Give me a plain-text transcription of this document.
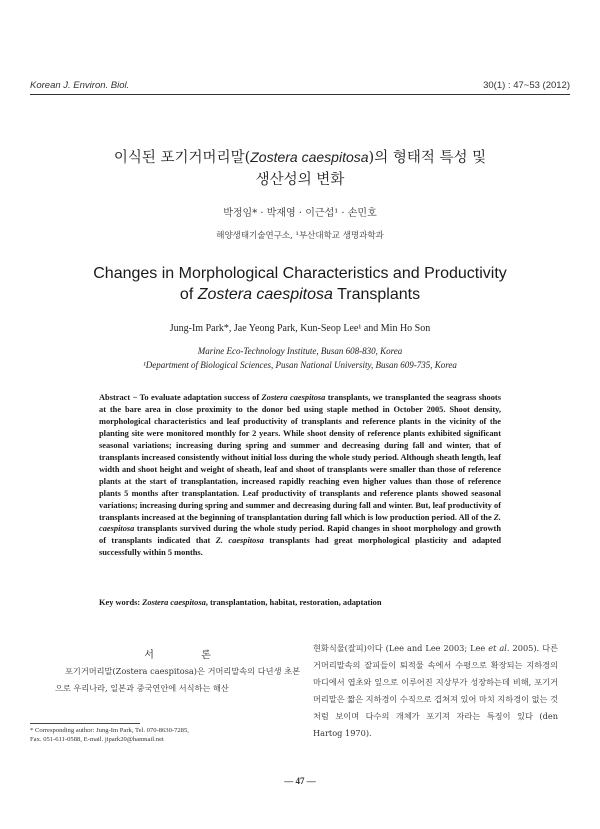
Korean J. Environ. Biol.	30(1) : 47~53 (2012)
이식된 포기거머리말(Zostera caespitosa)의 형태적 특성 및
생산성의 변화
박정임* · 박재영 · 이근섭¹ · 손민호
해양생태기술연구소, ¹부산대학교 생명과학과
Changes in Morphological Characteristics and Productivity
of Zostera caespitosa Transplants
Jung-Im Park*, Jae Yeong Park, Kun-Seop Lee¹ and Min Ho Son
Marine Eco-Technology Institute, Busan 608-830, Korea
¹Department of Biological Sciences, Pusan National University, Busan 609-735, Korea
Abstract − To evaluate adaptation success of Zostera caespitosa transplants, we transplanted the seagrass shoots at the bare area in close proximity to the donor bed using staple method in October 2005. Shoot density, morphological characteristics and leaf productivity of transplants and reference plants in the vicinity of the planting site were monitored monthly for 2 years. While shoot density of reference plants exhibited significant seasonal variations; increasing during spring and summer and decreasing during fall and winter, that of transplants increased consistently without initial loss during the whole study period. Although sheath length, leaf width and shoot height and weight of sheath, leaf and shoot of transplants were smaller than those of reference plants at the start of transplantation, increased rapidly reaching even higher values than those of reference plants 5 months after transplantation. Leaf productivity of transplants and reference plants showed seasonal variations; increasing during spring and summer and decreasing during fall and winter. But, leaf productivity of transplants increased at the beginning of transplantation during fall which is low production period. All of the Z. caespitosa transplants survived during the whole study period. Rapid changes in shoot morphology and growth of transplants indicated that Z. caespitosa transplants had great morphological plasticity and adapted successfully within 5 months.
Key words: Zostera caespitosa, transplantation, habitat, restoration, adaptation
서 론
포기거머리말(Zostera caespitosa)은 거머리말속의 다년생 초본으로 우리나라, 일본과 중국연안에 서식하는 해산
현화식물(잘피)이다 (Lee and Lee 2003; Lee et al. 2005). 다른 거머리말속의 잘피들이 퇴적물 속에서 수평으로 확장되는 지하경의 마디에서 엽초와 잎으로 이루어진 지상부가 성장하는데 비해, 포기거머리말은 짧은 지하경이 수직으로 겹쳐져 있어 마치 지하경이 없는 것처럼 보이며 다수의 개체가 포기져 자라는 특징이 있다 (den Hartog 1970).
* Corresponding author: Jung-Im Park, Tel. 070-8630-7285,
Fax. 051-611-0588, E-mail. jipark20@hanmail.net
— 47 —
